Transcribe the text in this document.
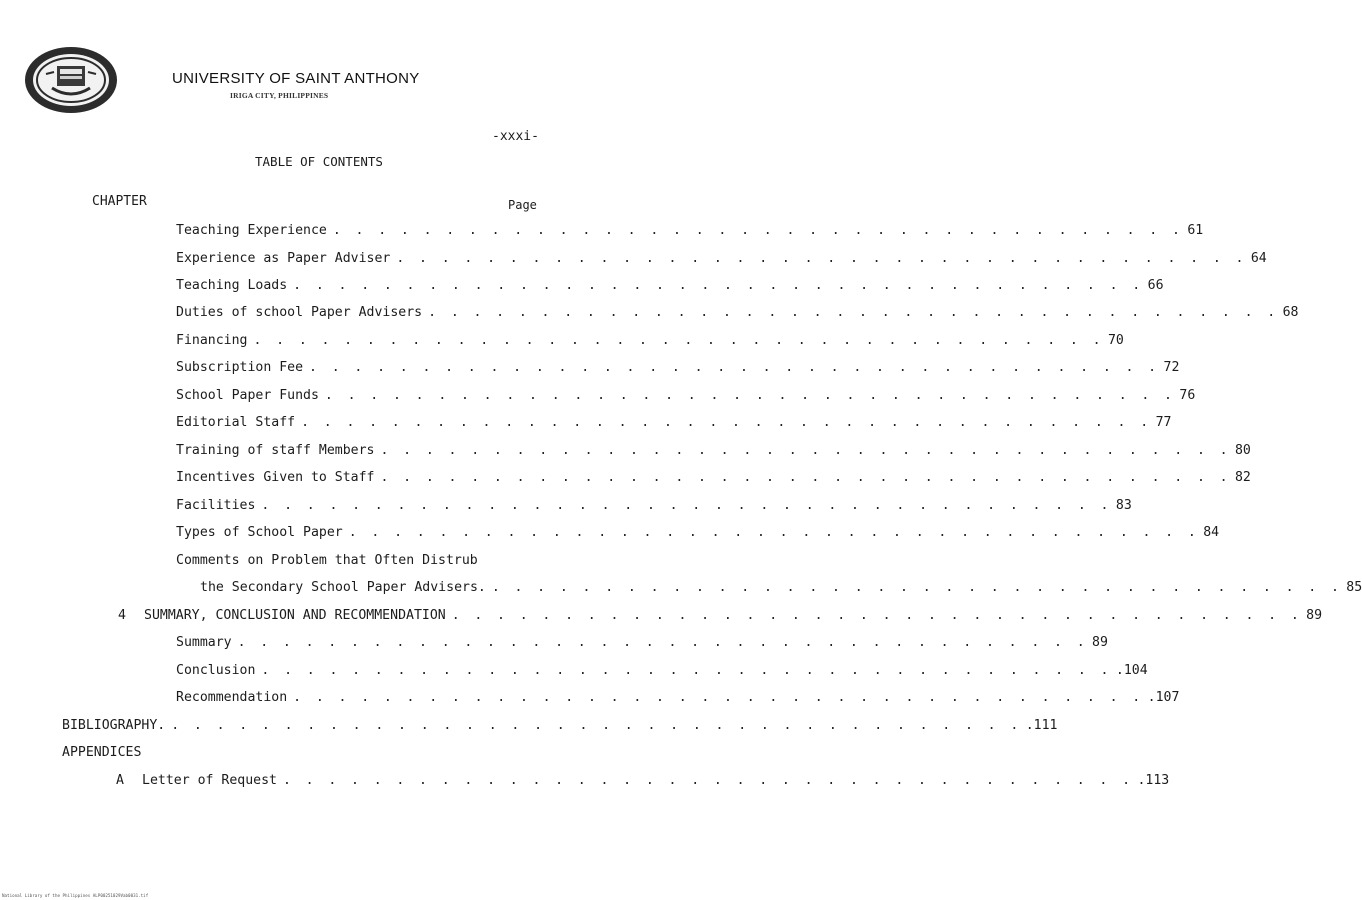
UNIVERSITY OF SAINT ANTHONY
IRIGA CITY, PHILIPPINES
-xxxi-
TABLE OF CONTENTS
CHAPTER	Page
Teaching Experience . . . . . . . . . . . . . . . . . . . . . . . . . . . . . . . . . . . . . . 61
Experience as Paper Adviser . . . . . . . . . . . . . . . . . . . . . . . . . . . . . . . . . . . . . . 64
Teaching Loads . . . . . . . . . . . . . . . . . . . . . . . . . . . . . . . . . . . . . . 66
Duties of school Paper Advisers . . . . . . . . . . . . . . . . . . . . . . . . . . . . . . . . . . . . . . 68
Financing . . . . . . . . . . . . . . . . . . . . . . . . . . . . . . . . . . . . . . 70
Subscription Fee . . . . . . . . . . . . . . . . . . . . . . . . . . . . . . . . . . . . . . 72
School Paper Funds . . . . . . . . . . . . . . . . . . . . . . . . . . . . . . . . . . . . . . 76
Editorial Staff . . . . . . . . . . . . . . . . . . . . . . . . . . . . . . . . . . . . . . 77
Training of staff Members . . . . . . . . . . . . . . . . . . . . . . . . . . . . . . . . . . . . . . 80
Incentives Given to Staff . . . . . . . . . . . . . . . . . . . . . . . . . . . . . . . . . . . . . . 82
Facilities . . . . . . . . . . . . . . . . . . . . . . . . . . . . . . . . . . . . . . 83
Types of School Paper . . . . . . . . . . . . . . . . . . . . . . . . . . . . . . . . . . . . . . 84
Comments on Problem that Often Distrub
the Secondary School Paper Advisers. . . . . . . . . . . . . . . . . . . . . . . . . . . . . . . . . . . . . . . 85
4	SUMMARY, CONCLUSION AND RECOMMENDATION . . . . . . . . . . . . . . . . . . . . . . . . . . . . . . . . . . . . . . 89
Summary . . . . . . . . . . . . . . . . . . . . . . . . . . . . . . . . . . . . . . 89
Conclusion . . . . . . . . . . . . . . . . . . . . . . . . . . . . . . . . . . . . . . .104
Recommendation . . . . . . . . . . . . . . . . . . . . . . . . . . . . . . . . . . . . . . .107
BIBLIOGRAPHY. . . . . . . . . . . . . . . . . . . . . . . . . . . . . . . . . . . . . . . .111
APPENDICES
A	Letter of Request . . . . . . . . . . . . . . . . . . . . . . . . . . . . . . . . . . . . . . .113
National Library of the Philippines ALP00251029Vab0031.tif
